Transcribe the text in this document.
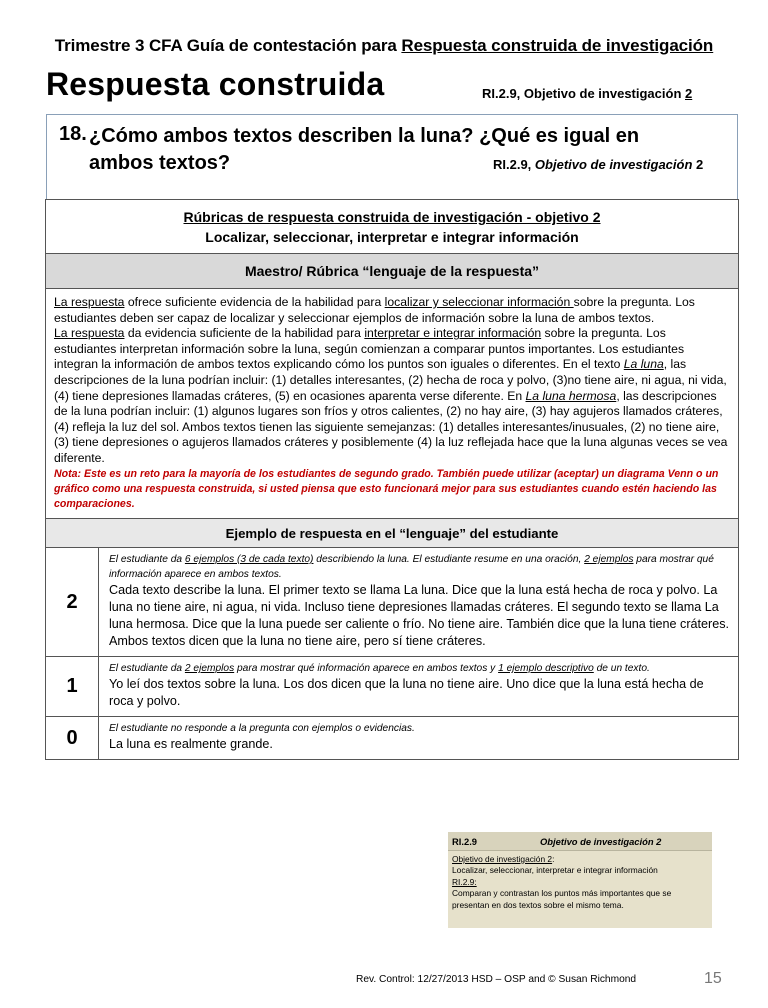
Trimestre 3 CFA Guía de contestación para Respuesta construida de investigación
Respuesta construida	RI.2.9, Objetivo de investigación 2
18. ¿Cómo ambos textos describen la luna? ¿Qué es igual en
ambos textos?	RI.2.9, Objetivo de investigación 2
Rúbricas de respuesta construida de investigación - objetivo 2
Localizar, seleccionar, interpretar e integrar información	

Maestro/ Rúbrica “lenguaje de la respuesta”	

La respuesta ofrece suficiente evidencia de la habilidad para localizar y seleccionar información sobre la pregunta. Los estudiantes deben ser capaz de localizar y seleccionar ejemplos de información sobre la luna de ambos textos.
La respuesta da evidencia suficiente de la habilidad para interpretar e integrar información sobre la pregunta. Los estudiantes interpretan información sobre la luna, según comienzan a comparar puntos importantes. Los estudiantes integran la información de ambos textos explicando cómo los puntos son iguales o diferentes. En el texto La luna, las descripciones de la luna podrían incluir: (1) detalles interesantes, (2) hecha de roca y polvo, (3)no tiene aire, ni agua, ni vida, (4) tiene depresiones llamadas cráteres, (5) en ocasiones aparenta verse diferente. En La luna hermosa, las descripciones de la luna podrían incluir: (1) algunos lugares son fríos y otros calientes, (2) no hay aire, (3) hay agujeros llamados cráteres, (4) refleja la luz del sol. Ambos textos tienen las siguiente semejanzas: (1) detalles interesantes/inusuales, (2) no tiene aire, (3) tiene depresiones o agujeros llamados cráteres y posiblemente (4) la luz reflejada hace que la luna algunas veces se vea diferente.
Nota: Este es un reto para la mayoría de los estudiantes de segundo grado. También puede utilizar (aceptar) un diagrama Venn o un gráfico como una respuesta construida, si usted piensa que esto funcionará mejor para sus estudiantes cuando estén haciendo las comparaciones.	

Ejemplo de respuesta en el “lenguaje” del estudiante	
2	El estudiante da 6 ejemplos (3 de cada texto) describiendo la luna. El estudiante resume en una oración, 2 ejemplos para mostrar qué información aparece en ambos textos.
Cada texto describe la luna. El primer texto se llama La luna. Dice que la luna está hecha de roca y polvo. La luna no tiene aire, ni agua, ni vida. Incluso tiene depresiones llamadas cráteres. El segundo texto se llama La luna hermosa. Dice que la luna puede ser caliente o frío. No tiene aire. También dice que la luna tiene cráteres. Ambos textos dicen que la luna no tiene aire, pero sí tiene cráteres.

1	El estudiante da 2 ejemplos para mostrar qué información aparece en ambos textos y 1 ejemplo descriptivo de un texto.
Yo leí dos textos sobre la luna. Los dos dicen que la luna no tiene aire. Uno dice que la luna está hecha de roca y polvo.

0	El estudiante no responde a la pregunta con ejemplos o evidencias.
La luna es realmente grande.
RI.2.9	Objetivo de investigación 2
Objetivo de investigación 2:
Localizar, seleccionar, interpretar e integrar información
RI.2.9:
Comparan y contrastan los puntos más importantes que se presentan en dos textos sobre el mismo tema.
Rev. Control: 12/27/2013 HSD – OSP and © Susan Richmond	15
